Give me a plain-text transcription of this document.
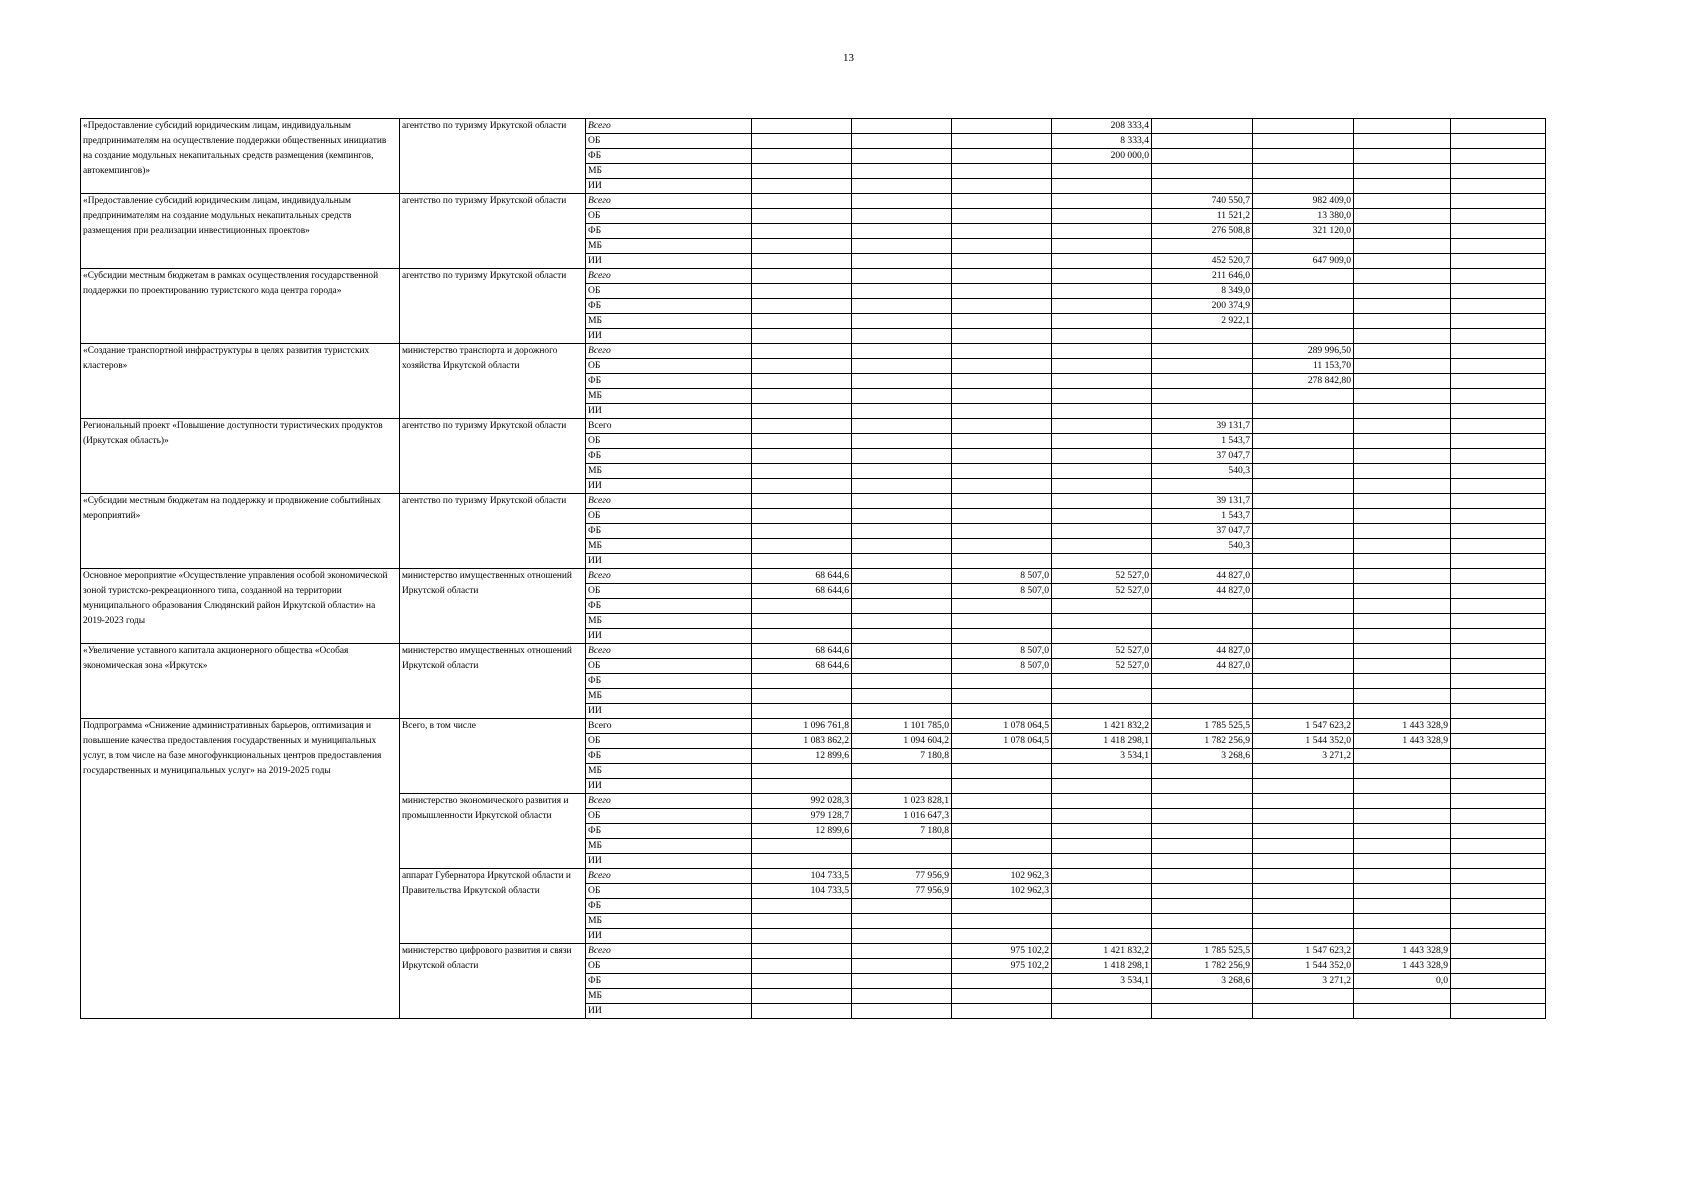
13
«Предоставление субсидий юридическим лицам, индивидуальным предпринимателям на осуществление поддержки общественных инициатив на создание модульных некапитальных средств размещения (кемпингов, автокемпингов)»	агентство по туризму Иркутской области	Всего				208 333,4				
		ОБ				8 333,4				
		ФБ				200 000,0				
		МБ								
		ИИ								
«Предоставление субсидий юридическим лицам, индивидуальным предпринимателям на создание модульных некапитальных средств размещения при реализации инвестиционных проектов»	агентство по туризму Иркутской области	Всего					740 550,7	982 409,0		
		ОБ					11 521,2	13 380,0		
		ФБ					276 508,8	321 120,0		
		МБ								
		ИИ					452 520,7	647 909,0		
«Субсидии местным бюджетам в рамках осуществления государственной поддержки по проектированию туристского кода центра города»	агентство по туризму Иркутской области	Всего					211 646,0			
		ОБ					8 349,0			
		ФБ					200 374,9			
		МБ					2 922,1			
		ИИ								
«Создание транспортной инфраструктуры в целях развития туристских кластеров»	министерство транспорта и дорожного хозяйства Иркутской области	Всего						289 996,50		
		ОБ						11 153,70		
		ФБ						278 842,80		
		МБ								
		ИИ								
Региональный проект «Повышение доступности туристических продуктов (Иркутская область)»	агентство по туризму Иркутской области	Всего					39 131,7			
		ОБ					1 543,7			
		ФБ					37 047,7			
		МБ					540,3			
		ИИ								
«Субсидии местным бюджетам на поддержку и продвижение событийных мероприятий»	агентство по туризму Иркутской области	Всего					39 131,7			
		ОБ					1 543,7			
		ФБ					37 047,7			
		МБ					540,3			
		ИИ								
Основное мероприятие «Осуществление управления особой экономической зоной туристско-рекреационного типа, созданной на территории муниципального образования Слюдянский район Иркутской области» на 2019-2023 годы	министерство имущественных отношений Иркутской области	Всего	68 644,6		8 507,0	52 527,0	44 827,0			
		ОБ	68 644,6		8 507,0	52 527,0	44 827,0			
		ФБ								
		МБ								
		ИИ								
«Увеличение уставного капитала акционерного общества «Особая экономическая зона «Иркутск»	министерство имущественных отношений Иркутской области	Всего	68 644,6		8 507,0	52 527,0	44 827,0			
		ОБ	68 644,6		8 507,0	52 527,0	44 827,0			
		ФБ								
		МБ								
		ИИ								
Подпрограмма «Снижение административных барьеров, оптимизация и повышение качества предоставления государственных и муниципальных услуг, в том числе на базе многофункциональных центров предоставления государственных и муниципальных услуг» на 2019-2025 годы	Всего, в том числе	Всего	1 096 761,8	1 101 785,0	1 078 064,5	1 421 832,2	1 785 525,5	1 547 623,2	1 443 328,9	
		ОБ	1 083 862,2	1 094 604,2	1 078 064,5	1 418 298,1	1 782 256,9	1 544 352,0	1 443 328,9	
		ФБ	12 899,6	7 180,8		3 534,1	3 268,6	3 271,2		
		МБ								
		ИИ								
	министерство экономического развития и промышленности Иркутской области	Всего	992 028,3	1 023 828,1						
		ОБ	979 128,7	1 016 647,3						
		ФБ	12 899,6	7 180,8						
		МБ								
		ИИ								
	аппарат Губернатора Иркутской области и Правительства Иркутской области	Всего	104 733,5	77 956,9	102 962,3					
		ОБ	104 733,5	77 956,9	102 962,3					
		ФБ								
		МБ								
		ИИ								
	министерство цифрового развития и связи Иркутской области	Всего			975 102,2	1 421 832,2	1 785 525,5	1 547 623,2	1 443 328,9	
		ОБ			975 102,2	1 418 298,1	1 782 256,9	1 544 352,0	1 443 328,9	
		ФБ				3 534,1	3 268,6	3 271,2	0,0	
		МБ								
		ИИ								
